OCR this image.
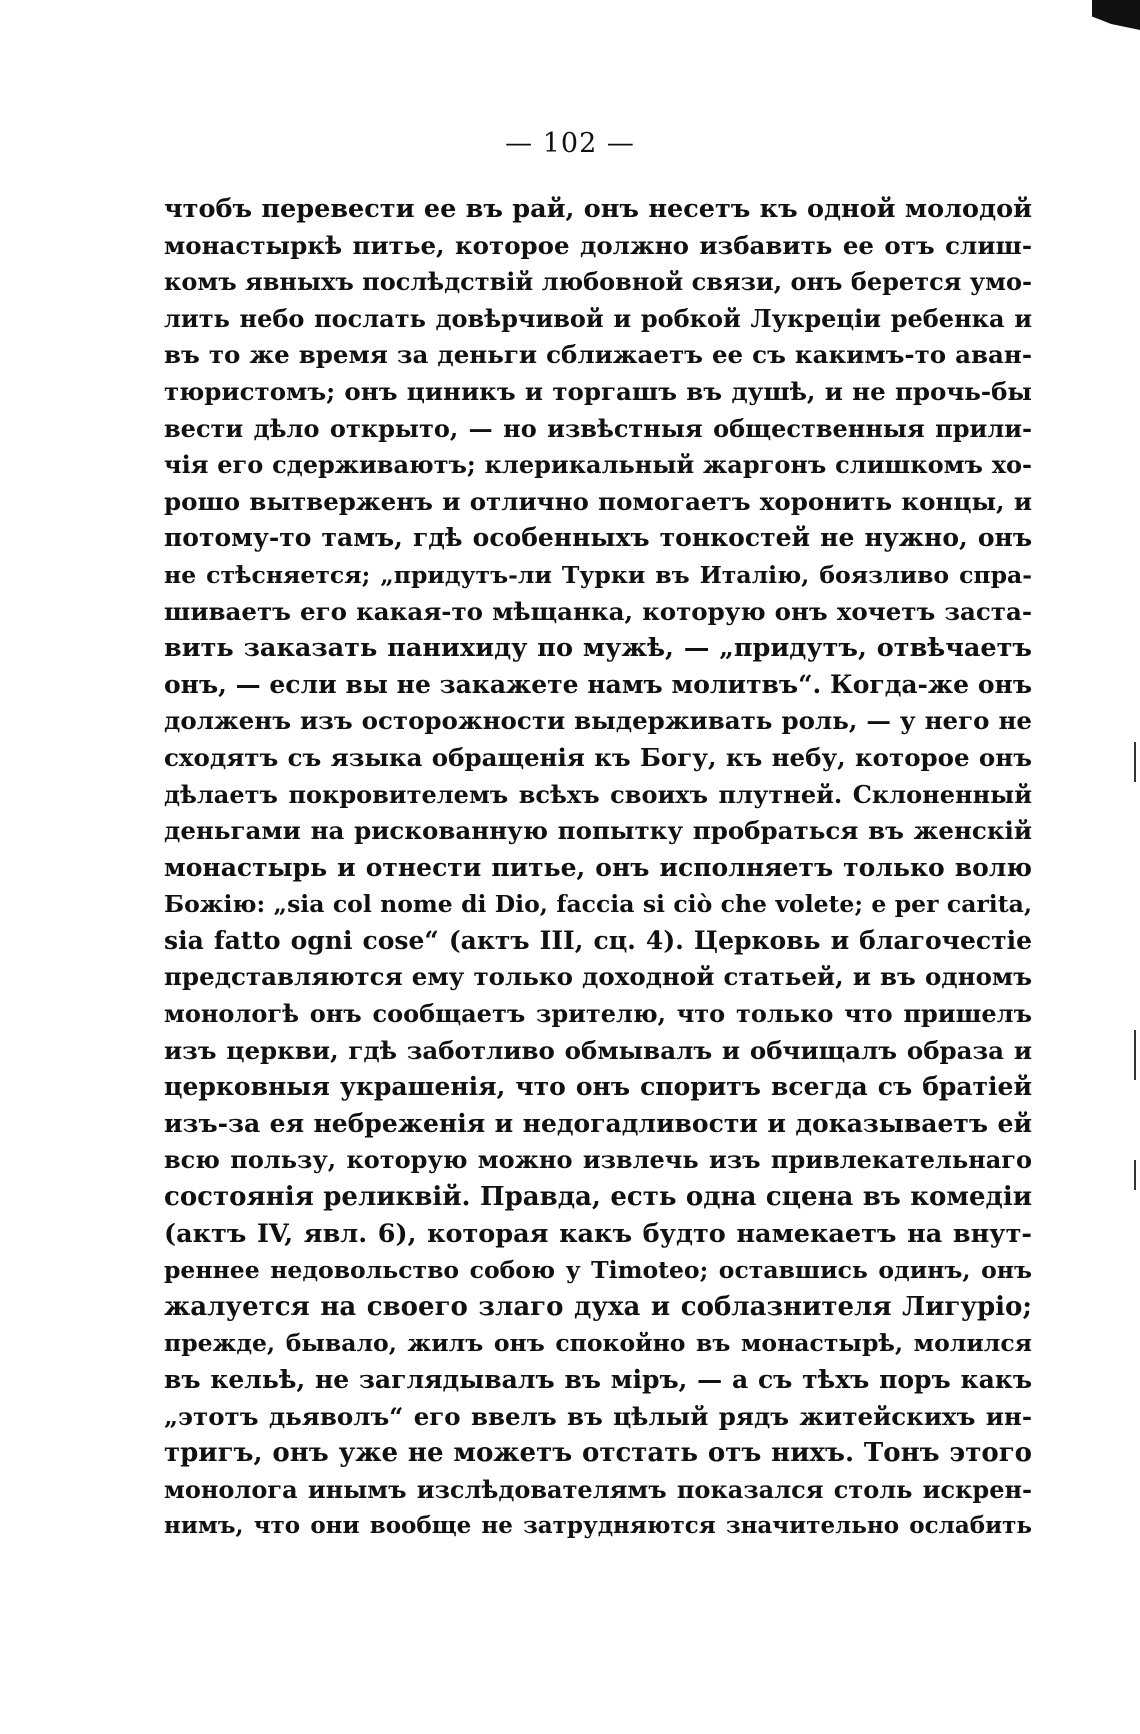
— 102 —
чтобъ перевести ее въ рай, онъ несетъ къ одной молодой
монастыркѣ питье, которое должно избавить ее отъ слиш-
комъ явныхъ послѣдствій любовной связи, онъ берется умо-
лить небо послать довѣрчивой и робкой Лукреціи ребенка и
въ то же время за деньги сближаетъ ее съ какимъ-то аван-
тюристомъ; онъ циникъ и торгашъ въ душѣ, и не прочь-бы
вести дѣло открыто, — но извѣстныя общественныя прили-
чія его сдерживаютъ; клерикальный жаргонъ слишкомъ хо-
рошо вытверженъ и отлично помогаетъ хоронить концы, и
потому-то тамъ, гдѣ особенныхъ тонкостей не нужно, онъ
не стѣсняется; „придутъ-ли Турки въ Италію, боязливо спра-
шиваетъ его какая-то мѣщанка, которую онъ хочетъ заста-
вить заказать панихиду по мужѣ, — „придутъ, отвѣчаетъ
онъ, — если вы не закажете намъ молитвъ“. Когда-же онъ
долженъ изъ осторожности выдерживать роль, — у него не
сходятъ съ языка обращенія къ Богу, къ небу, которое онъ
дѣлаетъ покровителемъ всѣхъ своихъ плутней. Склоненный
деньгами на рискованную попытку пробраться въ женскій
монастырь и отнести питье, онъ исполняетъ только волю
Божію: „sia col nome di Dio, faccia si ciò che volete; e per carita,
sia fatto ogni cose“ (актъ III, сц. 4). Церковь и благочестіе
представляются ему только доходной статьей, и въ одномъ
монологѣ онъ сообщаетъ зрителю, что только что пришелъ
изъ церкви, гдѣ заботливо обмывалъ и обчищалъ образа и
церковныя украшенія, что онъ споритъ всегда съ братіей
изъ-за ея небреженія и недогадливости и доказываетъ ей
всю пользу, которую можно извлечь изъ привлекательнаго
состоянія реликвій. Правда, есть одна сцена въ комедіи
(актъ IV, явл. 6), которая какъ будто намекаетъ на внут-
реннее недовольство собою у Timoteo; оставшись одинъ, онъ
жалуется на своего злаго духа и соблазнителя Лигуріо;
прежде, бывало, жилъ онъ спокойно въ монастырѣ, молился
въ кельѣ, не заглядывалъ въ міръ, — а съ тѣхъ поръ какъ
„этотъ дьяволъ“ его ввелъ въ цѣлый рядъ житейскихъ ин-
тригъ, онъ уже не можетъ отстать отъ нихъ. Тонъ этого
монолога инымъ изслѣдователямъ показался столь искрен-
нимъ, что они вообще не затрудняются значительно ослабить
